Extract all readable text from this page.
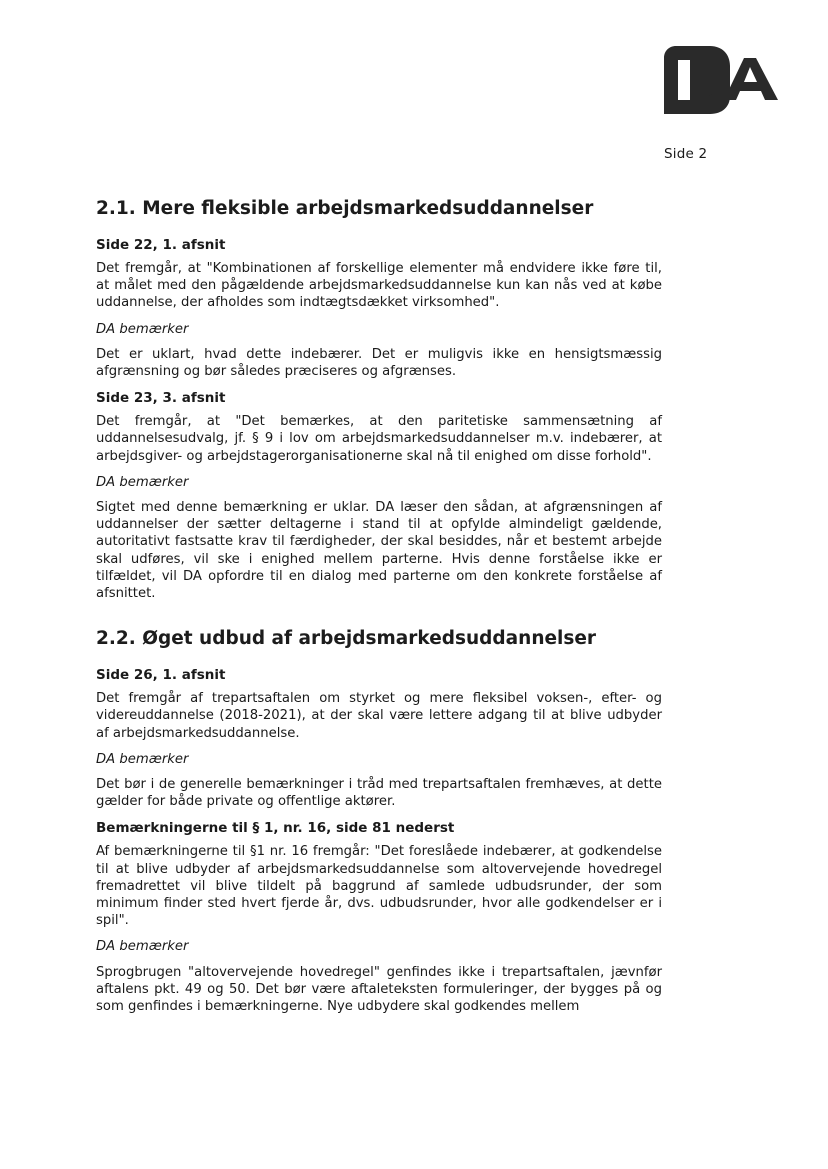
Side 2
2.1. Mere fleksible arbejdsmarkedsuddannelser
Side 22, 1. afsnit

Det fremgår, at "Kombinationen af forskellige elementer må endvidere ikke føre til, at målet med den pågældende arbejdsmarkedsuddannelse kun kan nås ved at købe uddannelse, der afholdes som indtægtsdækket virksomhed".

DA bemærker

Det er uklart, hvad dette indebærer. Det er muligvis ikke en hensigtsmæssig afgrænsning og bør således præciseres og afgrænses.

Side 23, 3. afsnit

Det fremgår, at "Det bemærkes, at den paritetiske sammensætning af uddannelsesudvalg, jf. § 9 i lov om arbejdsmarkedsuddannelser m.v. indebærer, at arbejdsgiver- og arbejdstagerorganisationerne skal nå til enighed om disse forhold".

DA bemærker

Sigtet med denne bemærkning er uklar. DA læser den sådan, at afgrænsningen af uddannelser der sætter deltagerne i stand til at opfylde almindeligt gældende, autoritativt fastsatte krav til færdigheder, der skal besiddes, når et bestemt arbejde skal udføres, vil ske i enighed mellem parterne. Hvis denne forståelse ikke er tilfældet, vil DA opfordre til en dialog med parterne om den konkrete forståelse af afsnittet.

2.2. Øget udbud af arbejdsmarkedsuddannelser
Side 26, 1. afsnit

Det fremgår af trepartsaftalen om styrket og mere fleksibel voksen-, efter- og videreuddannelse (2018-2021), at der skal være lettere adgang til at blive udbyder af arbejdsmarkedsuddannelse.

DA bemærker

Det bør i de generelle bemærkninger i tråd med trepartsaftalen fremhæves, at dette gælder for både private og offentlige aktører.

Bemærkningerne til § 1, nr. 16, side 81 nederst

Af bemærkningerne til §1 nr. 16 fremgår: "Det foreslåede indebærer, at godkendelse til at blive udbyder af arbejdsmarkedsuddannelse som altovervejende hovedregel fremadrettet vil blive tildelt på baggrund af samlede udbudsrunder, der som minimum finder sted hvert fjerde år, dvs. udbudsrunder, hvor alle godkendelser er i spil".

DA bemærker

Sprogbrugen "altovervejende hovedregel" genfindes ikke i trepartsaftalen, jævnfør aftalens pkt. 49 og 50. Det bør være aftaleteksten formuleringer, der bygges på og som genfindes i bemærkningerne. Nye udbydere skal godkendes mellem
